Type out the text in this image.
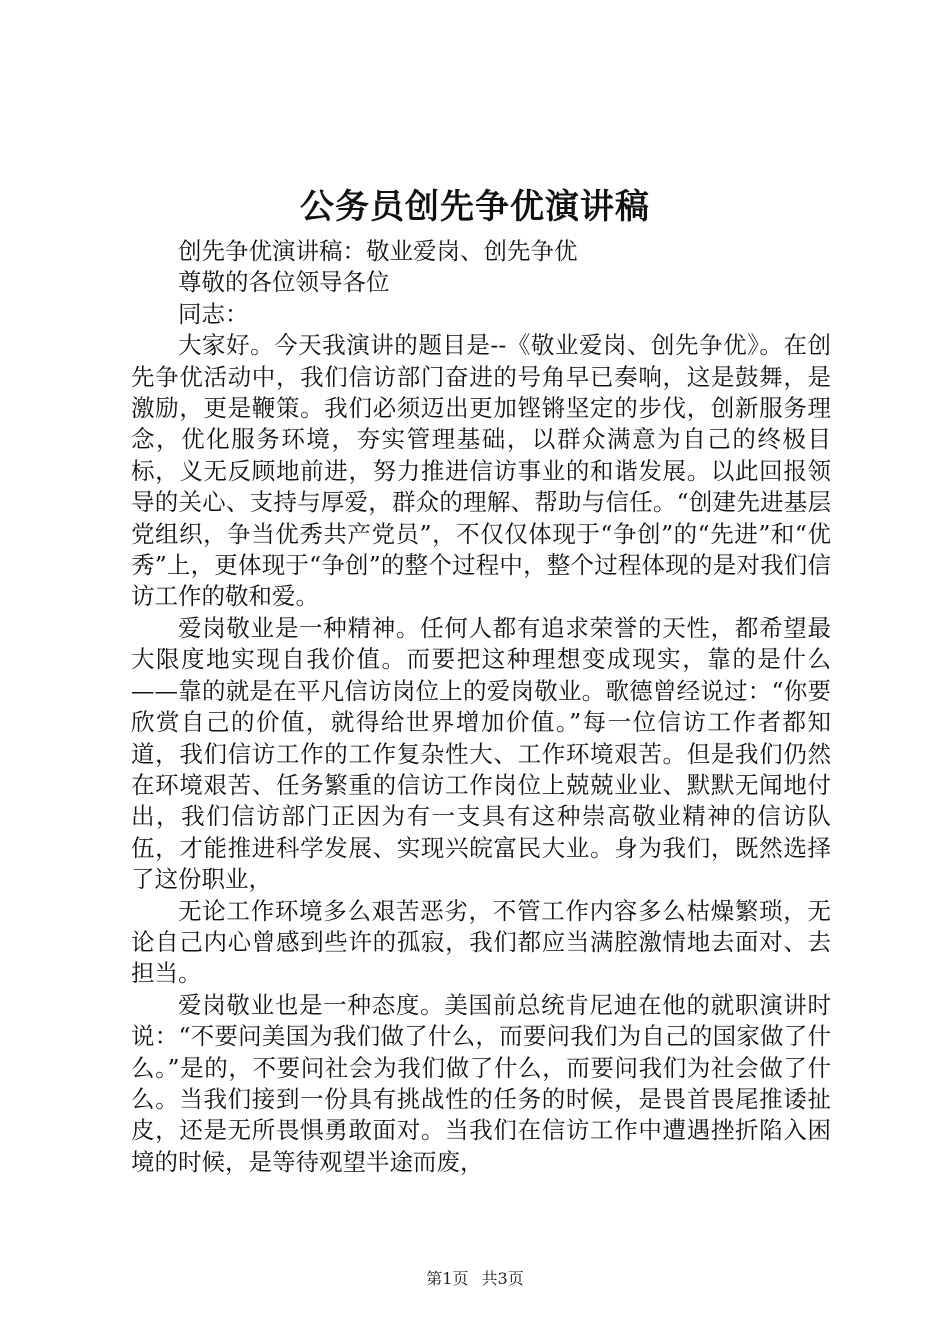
公务员创先争优演讲稿

创先争优演讲稿：敬业爱岗、创先争优

尊敬的各位领导各位

同志：

大家好。今天我演讲的题目是--《敬业爱岗、创先争优》。在创先争优活动中，我们信访部门奋进的号角早已奏响，这是鼓舞，是激励，更是鞭策。我们必须迈出更加铿锵坚定的步伐，创新服务理念，优化服务环境，夯实管理基础，以群众满意为自己的终极目标，义无反顾地前进，努力推进信访事业的和谐发展。以此回报领导的关心、支持与厚爱，群众的理解、帮助与信任。“创建先进基层党组织，争当优秀共产党员”，不仅仅体现于“争创”的“先进”和“优秀”上，更体现于“争创”的整个过程中，整个过程体现的是对我们信访工作的敬和爱。

爱岗敬业是一种精神。任何人都有追求荣誉的天性，都希望最大限度地实现自我价值。而要把这种理想变成现实，靠的是什么——靠的就是在平凡信访岗位上的爱岗敬业。歌德曾经说过：“你要欣赏自己的价值，就得给世界增加价值。”每一位信访工作者都知道，我们信访工作的工作复杂性大、工作环境艰苦。但是我们仍然在环境艰苦、任务繁重的信访工作岗位上兢兢业业、默默无闻地付出，我们信访部门正因为有一支具有这种崇高敬业精神的信访队伍，才能推进科学发展、实现兴皖富民大业。身为我们，既然选择了这份职业，

无论工作环境多么艰苦恶劣，不管工作内容多么枯燥繁琐，无论自己内心曾感到些许的孤寂，我们都应当满腔激情地去面对、去担当。

爱岗敬业也是一种态度。美国前总统肯尼迪在他的就职演讲时说：“不要问美国为我们做了什么，而要问我们为自己的国家做了什么。”是的，不要问社会为我们做了什么，而要问我们为社会做了什么。当我们接到一份具有挑战性的任务的时候，是畏首畏尾推诿扯皮，还是无所畏惧勇敢面对。当我们在信访工作中遭遇挫折陷入困境的时候，是等待观望半途而废，

第1页 共3页
